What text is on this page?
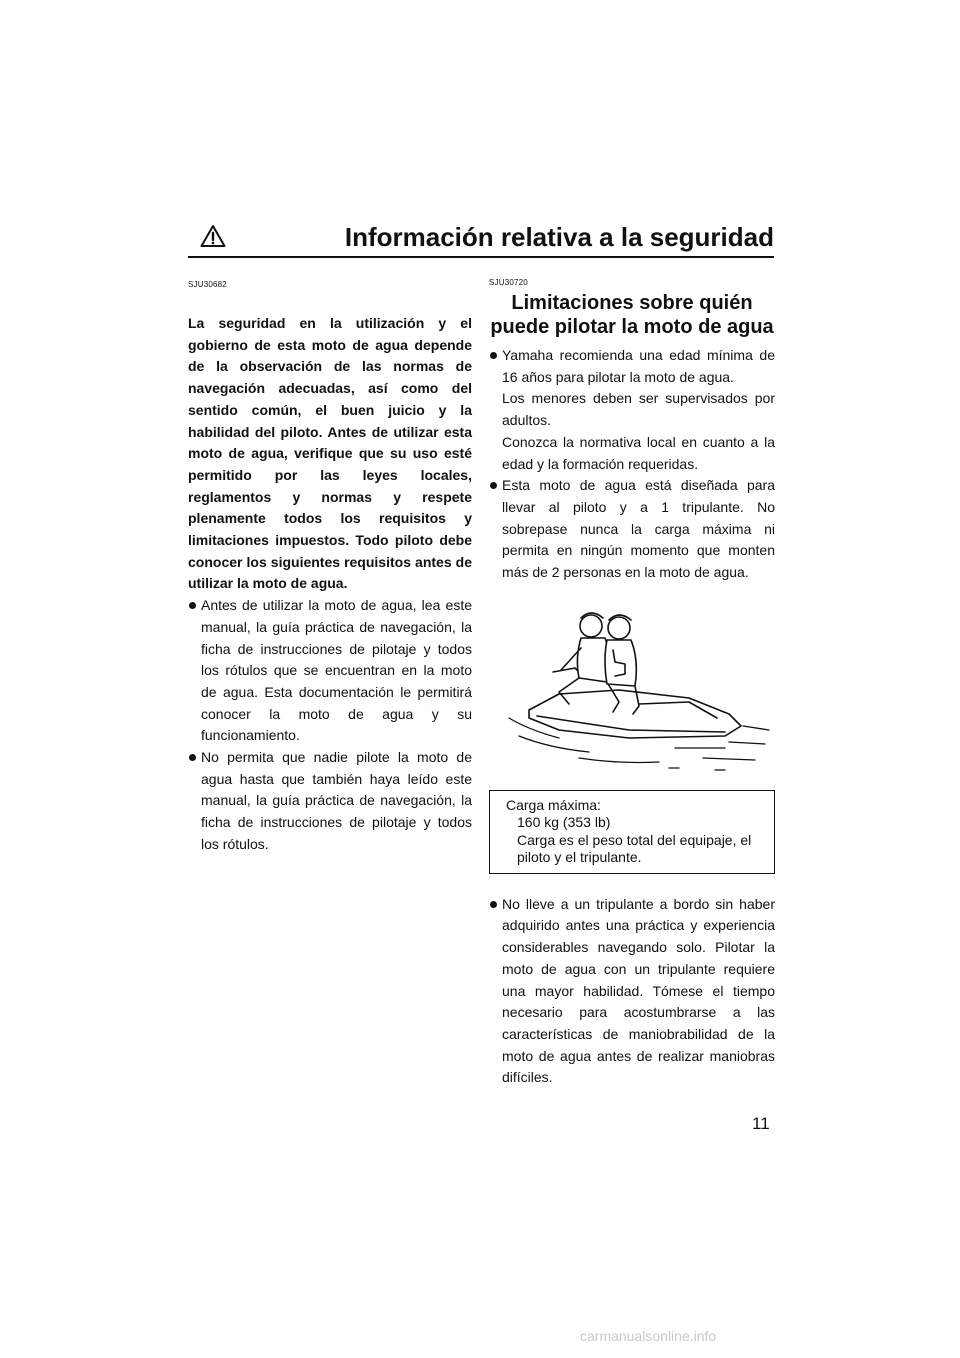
Información relativa a la seguridad
SJU30682

La seguridad en la utilización y el gobierno de esta moto de agua depende de la observación de las normas de navegación adecuadas, así como del sentido común, el buen juicio y la habilidad del piloto. Antes de utilizar esta moto de agua, verifique que su uso esté permitido por las leyes locales, reglamentos y normas y respete plenamente todos los requisitos y limitaciones impuestos. Todo piloto debe conocer los siguientes requisitos antes de utilizar la moto de agua.

Antes de utilizar la moto de agua, lea este manual, la guía práctica de navegación, la ficha de instrucciones de pilotaje y todos los rótulos que se encuentran en la moto de agua. Esta documentación le permitirá conocer la moto de agua y su funcionamiento.
No permita que nadie pilote la moto de agua hasta que también haya leído este manual, la guía práctica de navegación, la ficha de instrucciones de pilotaje y todos los rótulos.
SJU30720
Limitaciones sobre quién puede pilotar la moto de agua
Yamaha recomienda una edad mínima de 16 años para pilotar la moto de agua.
Los menores deben ser supervisados por adultos.
Conozca la normativa local en cuanto a la edad y la formación requeridas.
Esta moto de agua está diseñada para llevar al piloto y a 1 tripulante. No sobrepase nunca la carga máxima ni permita en ningún momento que monten más de 2 personas en la moto de agua.
Carga máxima:
160 kg (353 lb)
Carga es el peso total del equipaje, el piloto y el tripulante.
No lleve a un tripulante a bordo sin haber adquirido antes una práctica y experiencia considerables navegando solo. Pilotar la moto de agua con un tripulante requiere una mayor habilidad. Tómese el tiempo necesario para acostumbrarse a las características de maniobrabilidad de la moto de agua antes de realizar maniobras difíciles.
11
carmanualsonline.info
